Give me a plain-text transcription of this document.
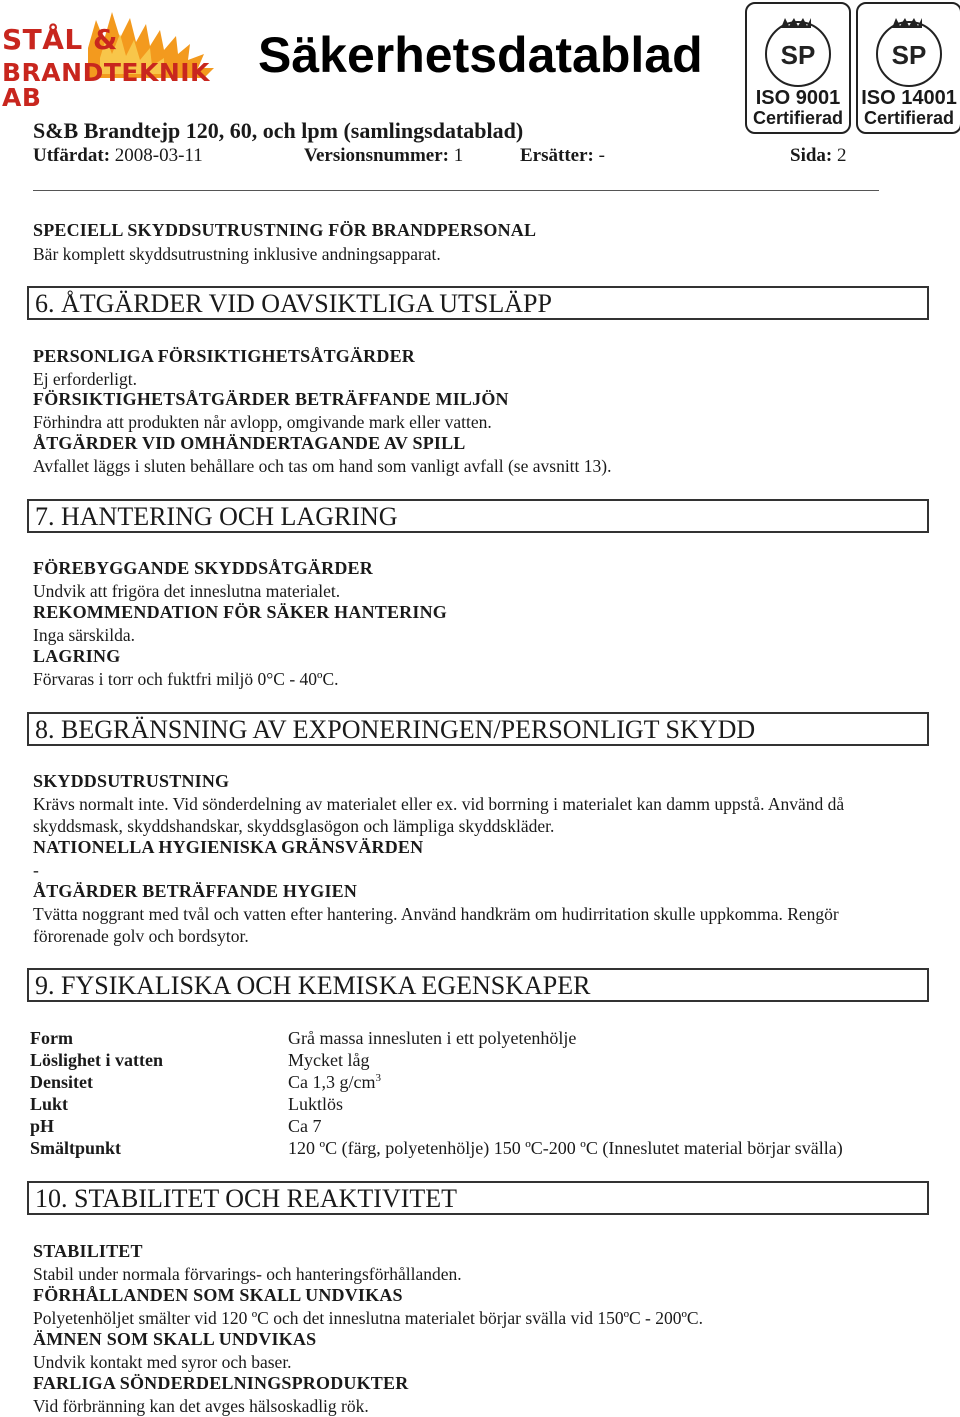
STÅL &
BRANDTEKNIK AB
Säkerhetsdatablad	SP
ISO 9001
Certifierad
SP
ISO 14001
Certifierad
S&B Brandtejp 120, 60, och lpm (samlingsdatablad)
Utfärdat: 2008-03-11	Versionsnummer: 1	Ersätter: -	Sida: 2
SPECIELL SKYDDSUTRUSTNING FÖR BRANDPERSONAL
Bär komplett skyddsutrustning inklusive andningsapparat.
6. ÅTGÄRDER VID OAVSIKTLIGA UTSLÄPP
PERSONLIGA FÖRSIKTIGHETSÅTGÄRDER
Ej erforderligt.
FÖRSIKTIGHETSÅTGÄRDER BETRÄFFANDE MILJÖN
Förhindra att produkten når avlopp, omgivande mark eller vatten.
ÅTGÄRDER VID OMHÄNDERTAGANDE AV SPILL
Avfallet läggs i sluten behållare och tas om hand som vanligt avfall (se avsnitt 13).
7. HANTERING OCH LAGRING
FÖREBYGGANDE SKYDDSÅTGÄRDER
Undvik att frigöra det inneslutna materialet.
REKOMMENDATION FÖR SÄKER HANTERING
Inga särskilda.
LAGRING
Förvaras i torr och fuktfri miljö 0°C - 40ºC.
8. BEGRÄNSNING AV EXPONERINGEN/PERSONLIGT SKYDD
SKYDDSUTRUSTNING
Krävs normalt inte. Vid sönderdelning av materialet eller ex. vid borrning i materialet kan damm uppstå. Använd då
skyddsmask, skyddshandskar, skyddsglasögon och lämpliga skyddskläder.
NATIONELLA HYGIENISKA GRÄNSVÄRDEN
-
ÅTGÄRDER BETRÄFFANDE HYGIEN
Tvätta noggrant med tvål och vatten efter hantering. Använd handkräm om hudirritation skulle uppkomma. Rengör
förorenade golv och bordsytor.
9. FYSIKALISKA OCH KEMISKA EGENSKAPER
Form	Grå massa innesluten i ett polyetenhölje
Löslighet i vatten	Mycket låg
Densitet	Ca 1,3 $g/cm^3$
Lukt	Luktlös
pH	Ca 7
Smältpunkt	120 ºC (färg, polyetenhölje) 150 ºC-200 ºC (Inneslutet material börjar svälla)
10. STABILITET OCH REAKTIVITET
STABILITET
Stabil under normala förvarings- och hanteringsförhållanden.
FÖRHÅLLANDEN SOM SKALL UNDVIKAS
Polyetenhöljet smälter vid 120 ºC och det inneslutna materialet börjar svälla vid 150ºC - 200ºC.
ÄMNEN SOM SKALL UNDVIKAS
Undvik kontakt med syror och baser.
FARLIGA SÖNDERDELNINGSPRODUKTER
Vid förbränning kan det avges hälsoskadlig rök.
